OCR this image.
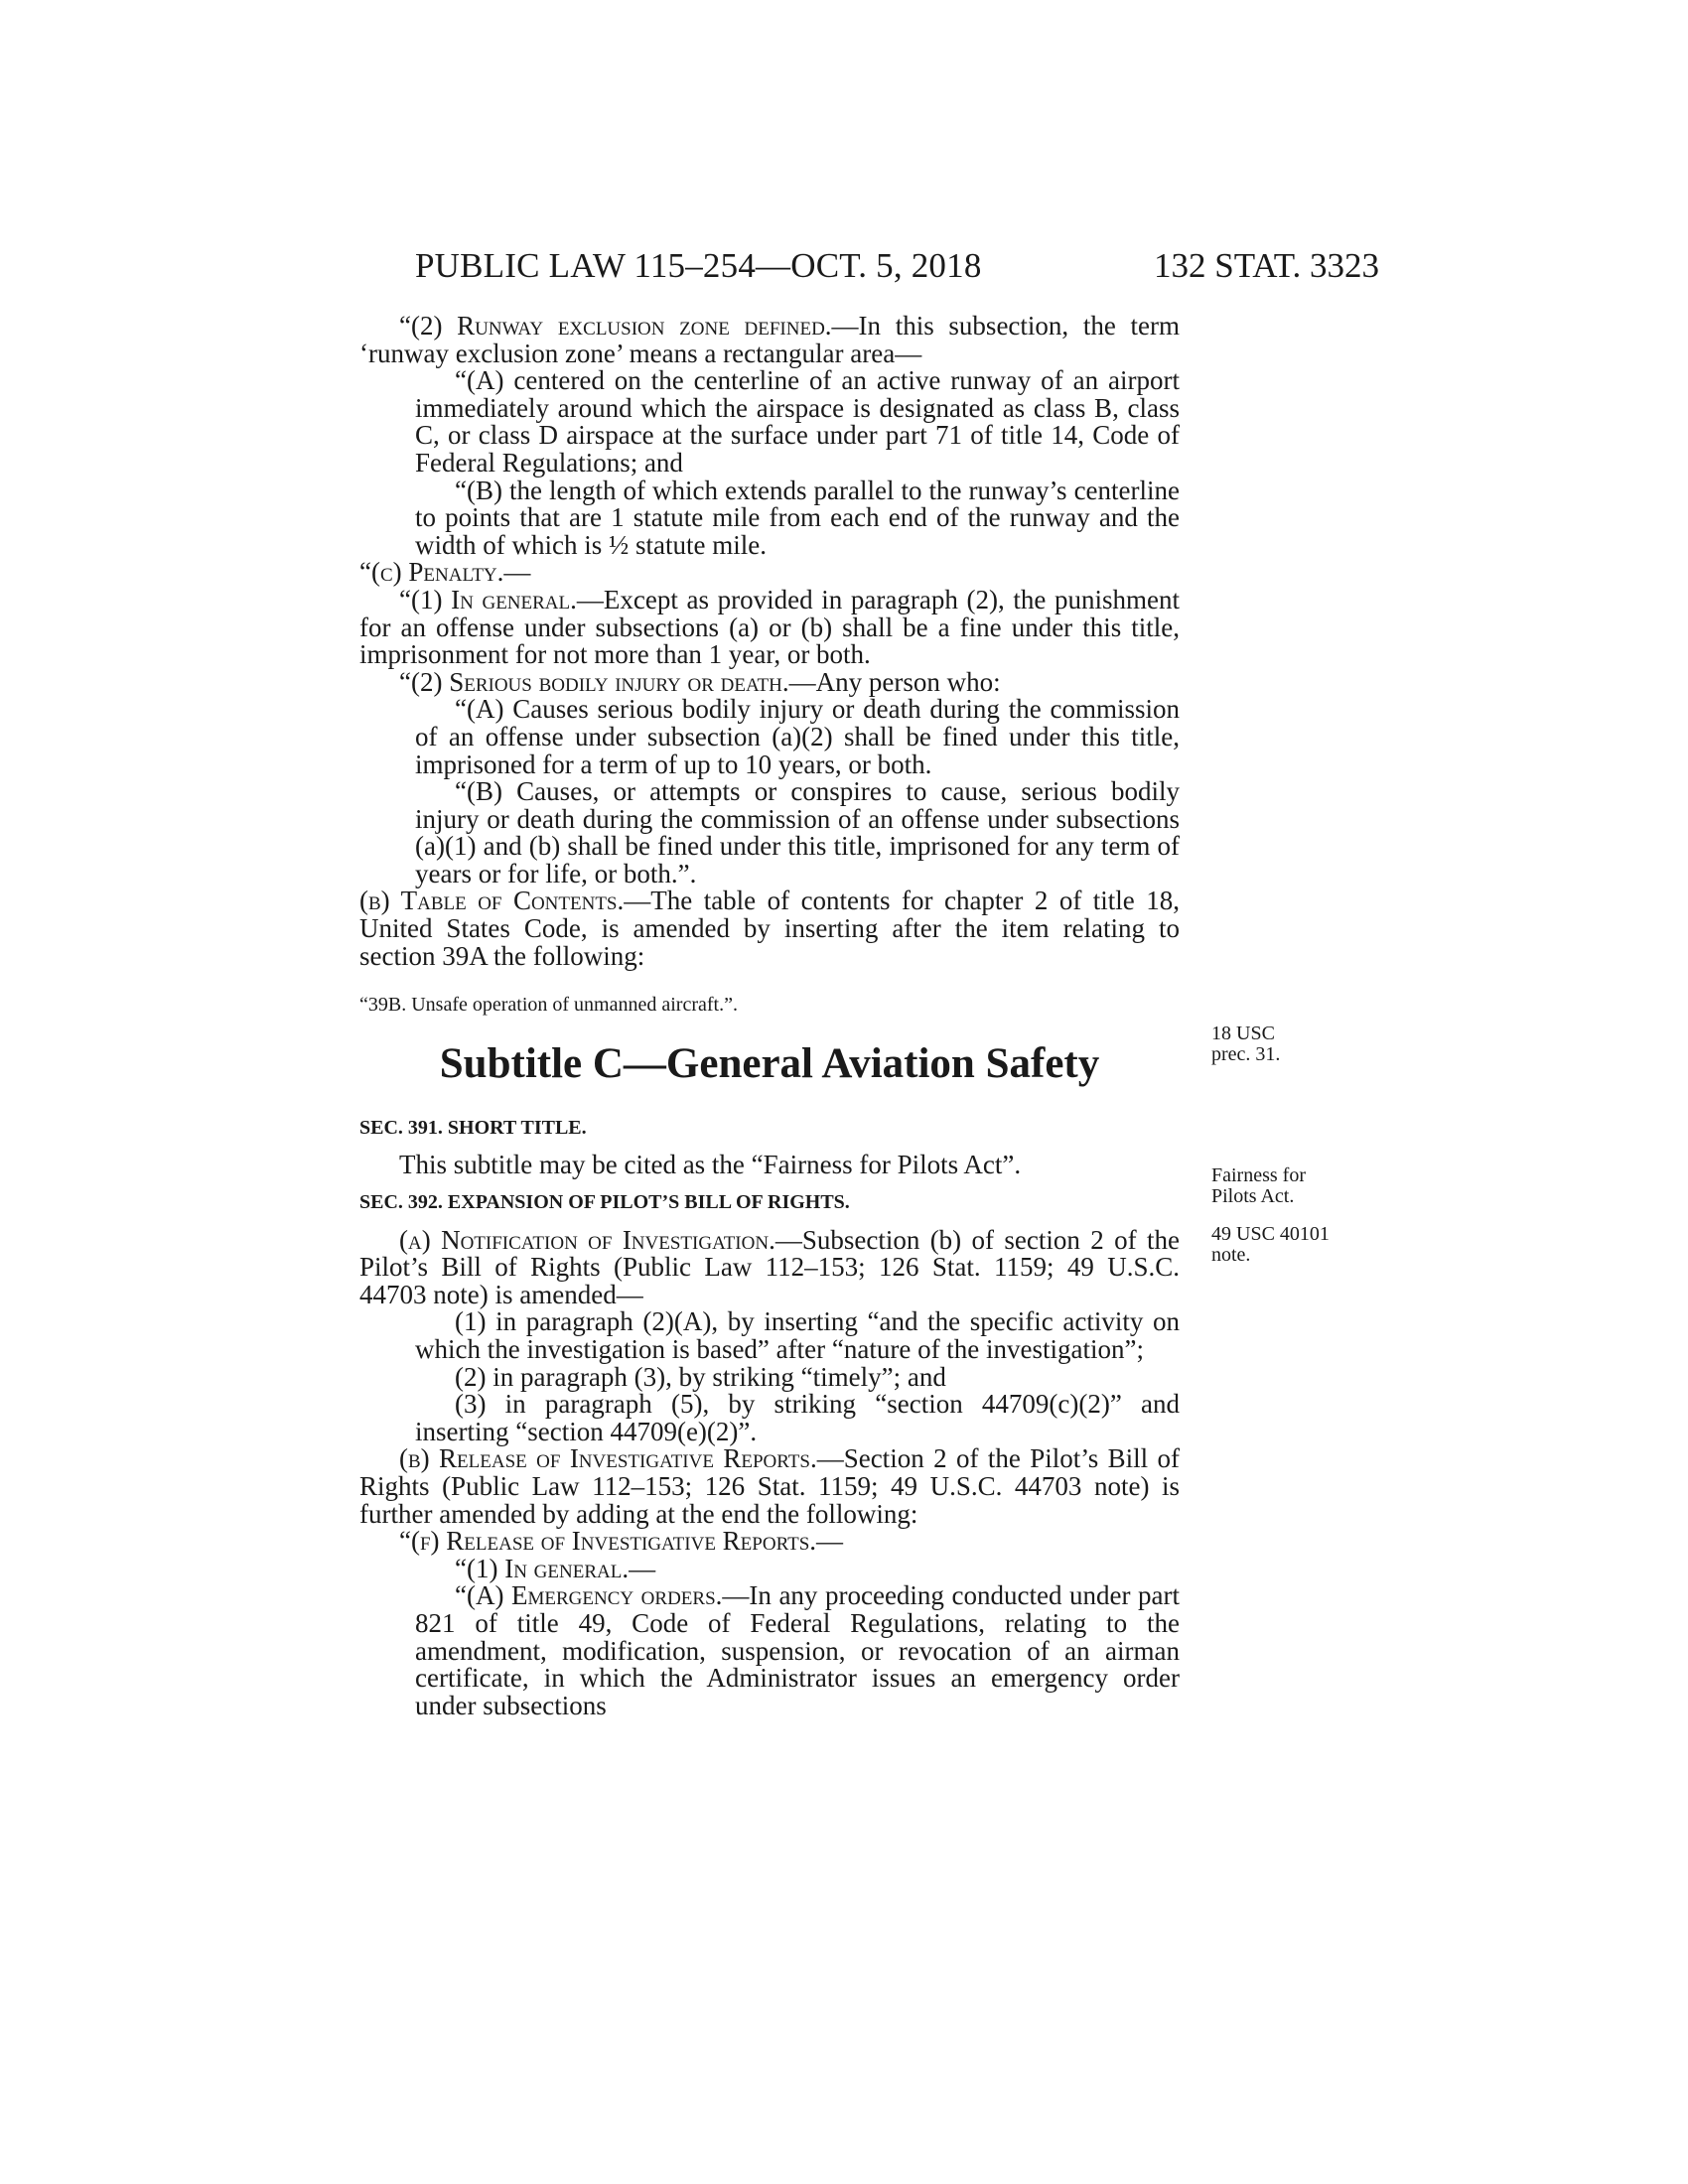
PUBLIC LAW 115–254—OCT. 5, 2018	132 STAT. 3323

“(2) Runway exclusion zone defined.—In this subsection, the term ‘runway exclusion zone’ means a rectangular area—

“(A) centered on the centerline of an active runway of an airport immediately around which the airspace is designated as class B, class C, or class D airspace at the surface under part 71 of title 14, Code of Federal Regulations; and

“(B) the length of which extends parallel to the runway’s centerline to points that are 1 statute mile from each end of the runway and the width of which is ½ statute mile.

“(c) Penalty.—

“(1) In general.—Except as provided in paragraph (2), the punishment for an offense under subsections (a) or (b) shall be a fine under this title, imprisonment for not more than 1 year, or both.

“(2) Serious bodily injury or death.—Any person who:

“(A) Causes serious bodily injury or death during the commission of an offense under subsection (a)(2) shall be fined under this title, imprisoned for a term of up to 10 years, or both.

“(B) Causes, or attempts or conspires to cause, serious bodily injury or death during the commission of an offense under subsections (a)(1) and (b) shall be fined under this title, imprisoned for any term of years or for life, or both.”.

(b) Table of Contents.—The table of contents for chapter 2 of title 18, United States Code, is amended by inserting after the item relating to section 39A the following:

“39B. Unsafe operation of unmanned aircraft.”.
Subtitle C—General Aviation Safety
SEC. 391. SHORT TITLE.

This subtitle may be cited as the “Fairness for Pilots Act”.

SEC. 392. EXPANSION OF PILOT’S BILL OF RIGHTS.

(a) Notification of Investigation.—Subsection (b) of section 2 of the Pilot’s Bill of Rights (Public Law 112–153; 126 Stat. 1159; 49 U.S.C. 44703 note) is amended—

(1) in paragraph (2)(A), by inserting “and the specific activity on which the investigation is based” after “nature of the investigation”;

(2) in paragraph (3), by striking “timely”; and

(3) in paragraph (5), by striking “section 44709(c)(2)” and inserting “section 44709(e)(2)”.

(b) Release of Investigative Reports.—Section 2 of the Pilot’s Bill of Rights (Public Law 112–153; 126 Stat. 1159; 49 U.S.C. 44703 note) is further amended by adding at the end the following:

“(f) Release of Investigative Reports.—

“(1) In general.—

“(A) Emergency orders.—In any proceeding conducted under part 821 of title 49, Code of Federal Regulations, relating to the amendment, modification, suspension, or revocation of an airman certificate, in which the Administrator issues an emergency order under subsections

18 USC
prec. 31.
Fairness for
Pilots Act.
49 USC 40101
note.
